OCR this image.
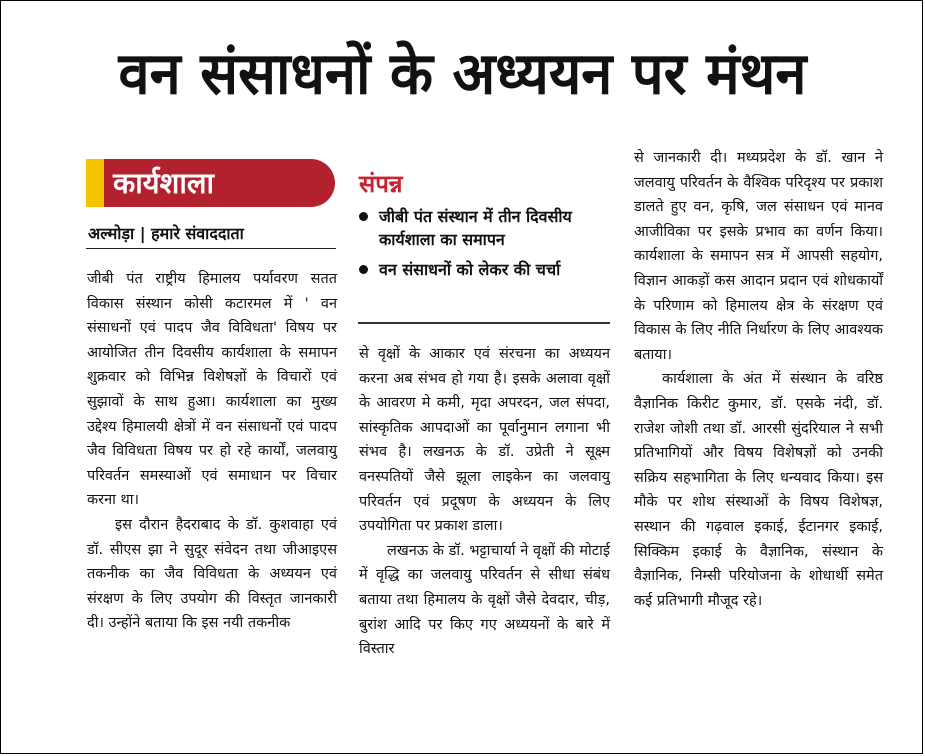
वन संसाधनों के अध्ययन पर मंथन
कार्यशाला
अल्मोड़ा | हमारे संवाददाता
संपन्न
जीबी पंत संस्थान में तीन दिवसीय कार्यशाला का समापन
वन संसाधनों को लेकर की चर्चा

जीबी पंत राष्ट्रीय हिमालय पर्यावरण सतत विकास संस्थान कोसी कटारमल में ' वन संसाधनों एवं पादप जैव विविधता' विषय पर आयोजित तीन दिवसीय कार्यशाला के समापन शुक्रवार को विभिन्न विशेषज्ञों के विचारों एवं सुझावों के साथ हुआ। कार्यशाला का मुख्य उद्देश्य हिमालयी क्षेत्रों में वन संसाधनों एवं पादप जैव विविधता विषय पर हो रहे कार्यों, जलवायु परिवर्तन समस्याओं एवं समाधान पर विचार करना था।

इस दौरान हैदराबाद के डॉ. कुशवाहा एवं डॉ. सीएस झा ने सुदूर संवेदन तथा जीआइएस तकनीक का जैव विविधता के अध्ययन एवं संरक्षण के लिए उपयोग की विस्तृत जानकारी दी। उन्होंने बताया कि इस नयी तकनीक

से वृक्षों के आकार एवं संरचना का अध्ययन करना अब संभव हो गया है। इसके अलावा वृक्षों के आवरण मे कमी, मृदा अपरदन, जल संपदा, सांस्कृतिक आपदाओं का पूर्वानुमान लगाना भी संभव है। लखनऊ के डॉ. उप्रेती ने सूक्ष्म वनस्पतियों जैसे झूला लाइकेन का जलवायु परिवर्तन एवं प्रदूषण के अध्ययन के लिए उपयोगिता पर प्रकाश डाला।

लखनऊ के डॉ. भट्टाचार्या ने वृक्षों की मोटाई में वृद्धि का जलवायु परिवर्तन से सीधा संबंध बताया तथा हिमालय के वृक्षों जैसे देवदार, चीड़, बुरांश आदि पर किए गए अध्ययनों के बारे में विस्तार

से जानकारी दी। मध्यप्रदेश के डॉ. खान ने जलवायु परिवर्तन के वैश्विक परिदृश्य पर प्रकाश डालते हुए वन, कृषि, जल संसाधन एवं मानव आजीविका पर इसके प्रभाव का वर्णन किया। कार्यशाला के समापन सत्र में आपसी सहयोग, विज्ञान आकड़ों कस आदान प्रदान एवं शोधकार्यों के परिणाम को हिमालय क्षेत्र के संरक्षण एवं विकास के लिए नीति निर्धारण के लिए आवश्यक बताया।

कार्यशाला के अंत में संस्थान के वरिष्ठ वैज्ञानिक किरीट कुमार, डॉ. एसके नंदी, डॉ. राजेश जोशी तथा डॉ. आरसी सुंदरियाल ने सभी प्रतिभागियों और विषय विशेषज्ञों को उनकी सक्रिय सहभागिता के लिए धन्यवाद किया। इस मौके पर शोथ संस्थाओं के विषय विशेषज्ञ, सस्थान की गढ़वाल इकाई, ईटानगर इकाई, सिक्किम इकाई के वैज्ञानिक, संस्थान के वैज्ञानिक, निम्सी परियोजना के शोधार्थी समेत कई प्रतिभागी मौजूद रहे।
